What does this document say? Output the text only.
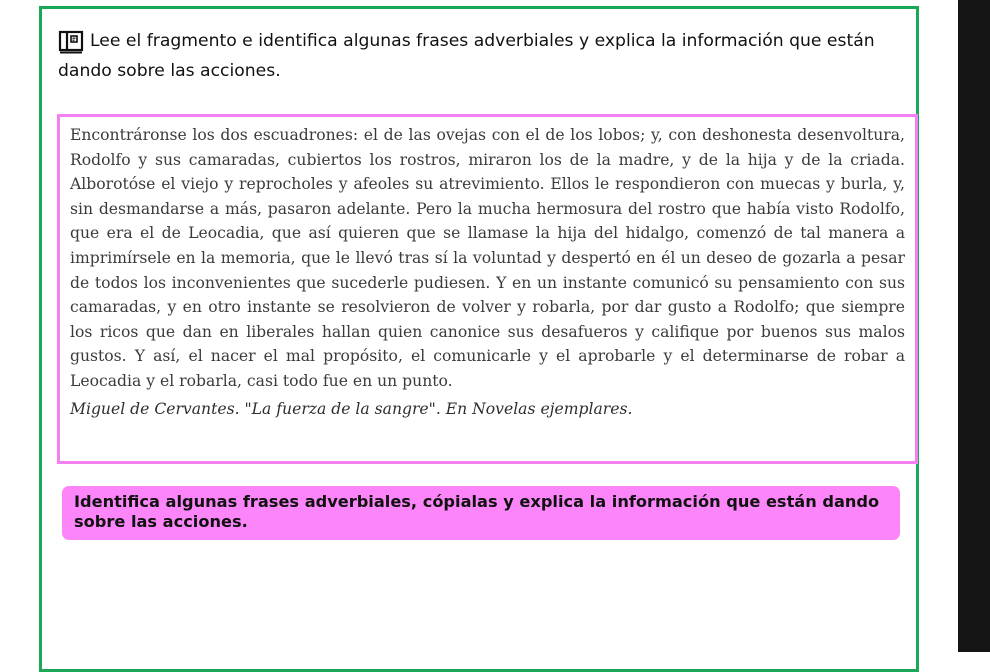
Lee el fragmento e identifica algunas frases adverbiales y explica la información que están dando sobre las acciones.

Encontráronse los dos escuadrones: el de las ovejas con el de los lobos; y, con deshonesta desenvoltura, Rodolfo y sus camaradas, cubiertos los rostros, miraron los de la madre, y de la hija y de la criada. Alborotóse el viejo y reprocholes y afeoles su atrevimiento. Ellos le respondieron con muecas y burla, y, sin desmandarse a más, pasaron adelante. Pero la mucha hermosura del rostro que había visto Rodolfo, que era el de Leocadia, que así quieren que se llamase la hija del hidalgo, comenzó de tal manera a imprimírsele en la memoria, que le llevó tras sí la voluntad y despertó en él un deseo de gozarla a pesar de todos los inconvenientes que sucederle pudiesen. Y en un instante comunicó su pensamiento con sus camaradas, y en otro instante se resolvieron de volver y robarla, por dar gusto a Rodolfo; que siempre los ricos que dan en liberales hallan quien canonice sus desafueros y califique por buenos sus malos gustos. Y así, el nacer el mal propósito, el comunicarle y el aprobarle y el determinarse de robar a Leocadia y el robarla, casi todo fue en un punto.

Miguel de Cervantes. "La fuerza de la sangre". En Novelas ejemplares.
Identifica algunas frases adverbiales, cópialas y explica la información que están dando sobre las acciones.
